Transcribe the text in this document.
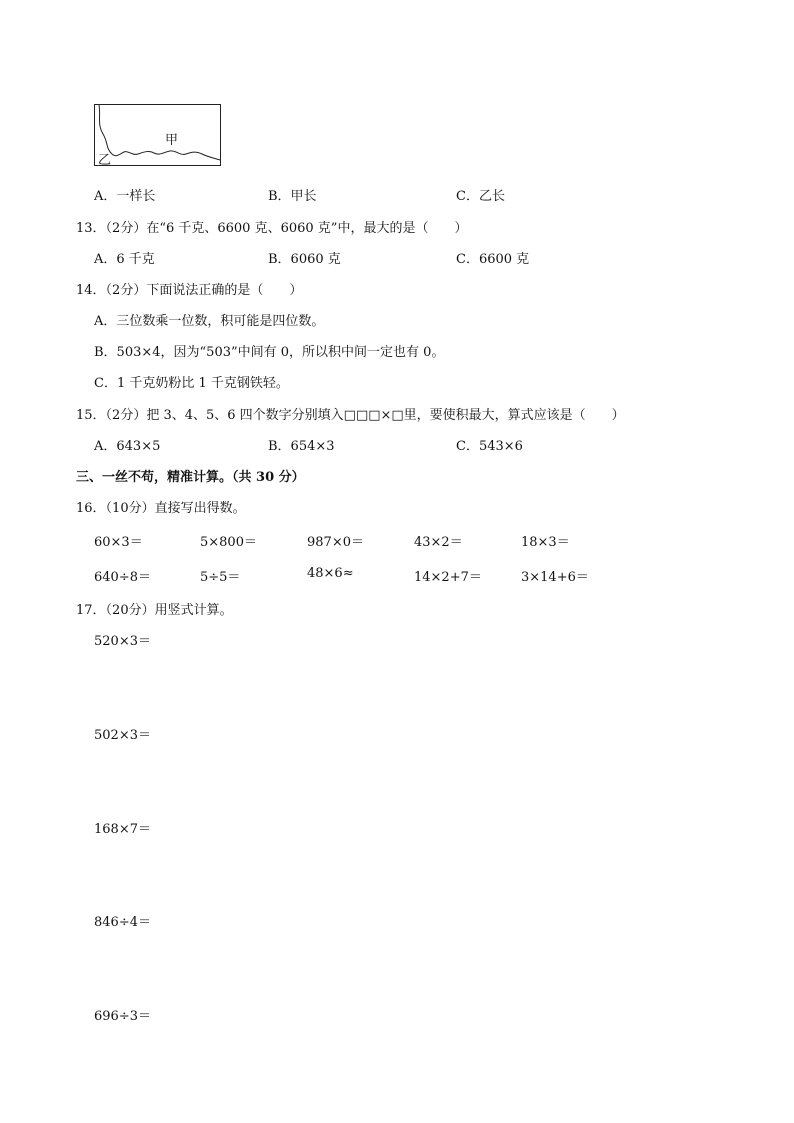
甲
乙
A．一样长	B．甲长	C．乙长
13．（2分）在“6 千克、6600 克、6060 克”中，最大的是（　　）
A．6 千克	B．6060 克	C．6600 克
14．（2分）下面说法正确的是（　　）
A．三位数乘一位数，积可能是四位数。
B．503×4，因为“503”中间有 0，所以积中间一定也有 0。
C．1 千克奶粉比 1 千克钢铁轻。
15．（2分）把 3、4、5、6 四个数字分别填入□□□×□里，要使积最大，算式应该是（　　）
A．643×5	B．654×3	C．543×6
三、一丝不苟，精准计算。（共 30 分）
16．（10分）直接写出得数。
60×3＝	5×800＝	987×0＝	43×2＝	18×3＝
640÷8＝	5÷5＝	48×6≈	14×2+7＝	3×14+6＝
17．（20分）用竖式计算。
520×3＝
502×3＝
168×7＝
846÷4＝
696÷3＝
